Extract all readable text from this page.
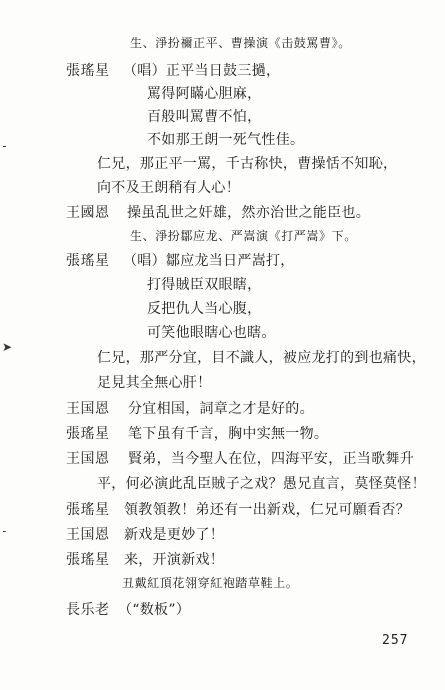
⁃
➤
⁃
生、淨扮禰正平、曹操演《击鼓罵曹》。
張瑤星 （唱）正平当日鼓三撾，
罵得阿瞞心胆麻，
百般叫罵曹不怕，
不如那王朗一死气性佳。
仁兄，那正平一罵，千古称快，曹操恬不知恥，
向不及王朗稍有人心！
王國恩 操虽乱世之奸雄，然亦治世之能臣也。
生、淨扮鄒应龙、严嵩演《打严嵩》下。
張瑤星 （唱）鄒应龙当日严嵩打，
打得賊臣双眼瞎，
反把仇人当心腹，
可笑他眼瞎心也瞎。
仁兄，那严分宜，目不識人，被应龙打的到也痛快，
足見其全無心肝！
王国恩 分宜相国，詞章之才是好的。
張瑤星 笔下虽有千言，胸中实無一物。
王国恩 賢弟，当今聖人在位，四海平安，正当歌舞升
平，何必演此乱臣賊子之戏？愚兄直言，莫怪莫怪！
張瑤星 領教領教！弟还有一出新戏，仁兄可願看否？
王国恩 新戏是更妙了！
張瑤星 来，开演新戏！
丑戴紅頂花翎穿紅袍踏草鞋上。
長乐老 （“数板”）
257
